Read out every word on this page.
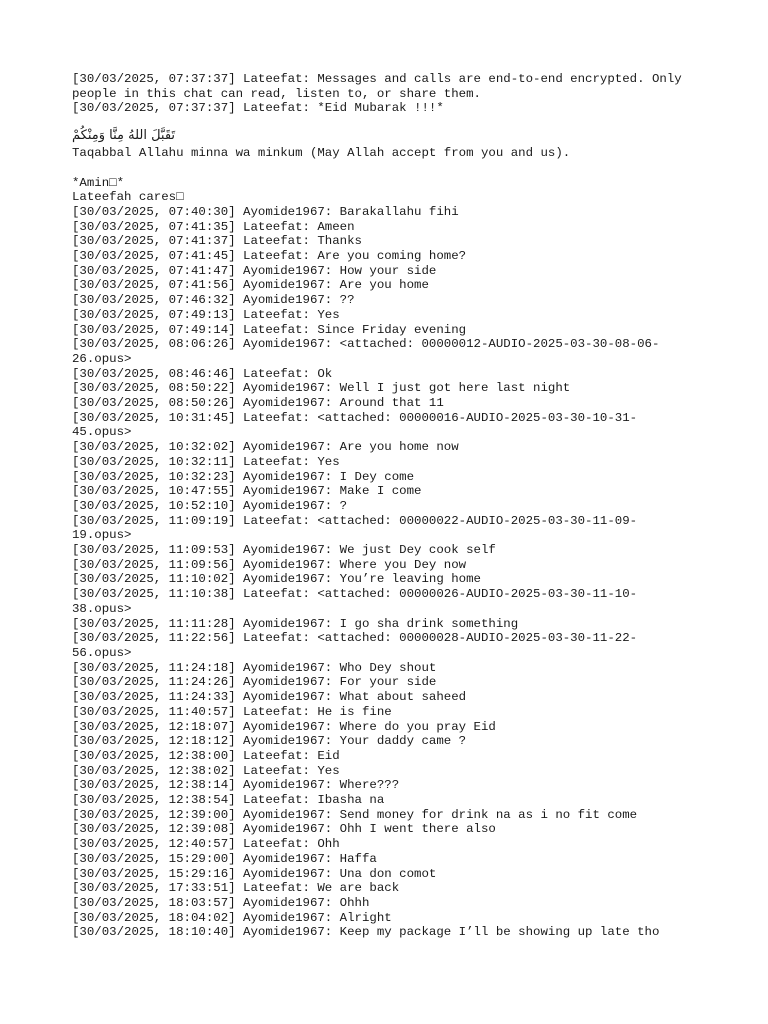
[30/03/2025, 07:37:37] Lateefat: Messages and calls are end-to-end encrypted. Only
people in this chat can read, listen to, or share them.
[30/03/2025, 07:37:37] Lateefat: *Eid Mubarak !!!*
تَقَبَّلَ اللهُ مِنَّا وَمِنْكُمْ
Taqabbal Allahu minna wa minkum (May Allah accept from you and us).
*Amin□*
Lateefah cares□
[30/03/2025, 07:40:30] Ayomide1967: Barakallahu fihi
[30/03/2025, 07:41:35] Lateefat: Ameen
[30/03/2025, 07:41:37] Lateefat: Thanks
[30/03/2025, 07:41:45] Lateefat: Are you coming home?
[30/03/2025, 07:41:47] Ayomide1967: How your side
[30/03/2025, 07:41:56] Ayomide1967: Are you home
[30/03/2025, 07:46:32] Ayomide1967: ??
[30/03/2025, 07:49:13] Lateefat: Yes
[30/03/2025, 07:49:14] Lateefat: Since Friday evening
[30/03/2025, 08:06:26] Ayomide1967: <attached: 00000012-AUDIO-2025-03-30-08-06-
26.opus>
[30/03/2025, 08:46:46] Lateefat: Ok
[30/03/2025, 08:50:22] Ayomide1967: Well I just got here last night
[30/03/2025, 08:50:26] Ayomide1967: Around that 11
[30/03/2025, 10:31:45] Lateefat: <attached: 00000016-AUDIO-2025-03-30-10-31-
45.opus>
[30/03/2025, 10:32:02] Ayomide1967: Are you home now
[30/03/2025, 10:32:11] Lateefat: Yes
[30/03/2025, 10:32:23] Ayomide1967: I Dey come
[30/03/2025, 10:47:55] Ayomide1967: Make I come
[30/03/2025, 10:52:10] Ayomide1967: ?
[30/03/2025, 11:09:19] Lateefat: <attached: 00000022-AUDIO-2025-03-30-11-09-
19.opus>
[30/03/2025, 11:09:53] Ayomide1967: We just Dey cook self
[30/03/2025, 11:09:56] Ayomide1967: Where you Dey now
[30/03/2025, 11:10:02] Ayomide1967: You’re leaving home
[30/03/2025, 11:10:38] Lateefat: <attached: 00000026-AUDIO-2025-03-30-11-10-
38.opus>
[30/03/2025, 11:11:28] Ayomide1967: I go sha drink something
[30/03/2025, 11:22:56] Lateefat: <attached: 00000028-AUDIO-2025-03-30-11-22-
56.opus>
[30/03/2025, 11:24:18] Ayomide1967: Who Dey shout
[30/03/2025, 11:24:26] Ayomide1967: For your side
[30/03/2025, 11:24:33] Ayomide1967: What about saheed
[30/03/2025, 11:40:57] Lateefat: He is fine
[30/03/2025, 12:18:07] Ayomide1967: Where do you pray Eid
[30/03/2025, 12:18:12] Ayomide1967: Your daddy came ?
[30/03/2025, 12:38:00] Lateefat: Eid
[30/03/2025, 12:38:02] Lateefat: Yes
[30/03/2025, 12:38:14] Ayomide1967: Where???
[30/03/2025, 12:38:54] Lateefat: Ibasha na
[30/03/2025, 12:39:00] Ayomide1967: Send money for drink na as i no fit come
[30/03/2025, 12:39:08] Ayomide1967: Ohh I went there also
[30/03/2025, 12:40:57] Lateefat: Ohh
[30/03/2025, 15:29:00] Ayomide1967: Haffa
[30/03/2025, 15:29:16] Ayomide1967: Una don comot
[30/03/2025, 17:33:51] Lateefat: We are back
[30/03/2025, 18:03:57] Ayomide1967: Ohhh
[30/03/2025, 18:04:02] Ayomide1967: Alright
[30/03/2025, 18:10:40] Ayomide1967: Keep my package I’ll be showing up late tho
